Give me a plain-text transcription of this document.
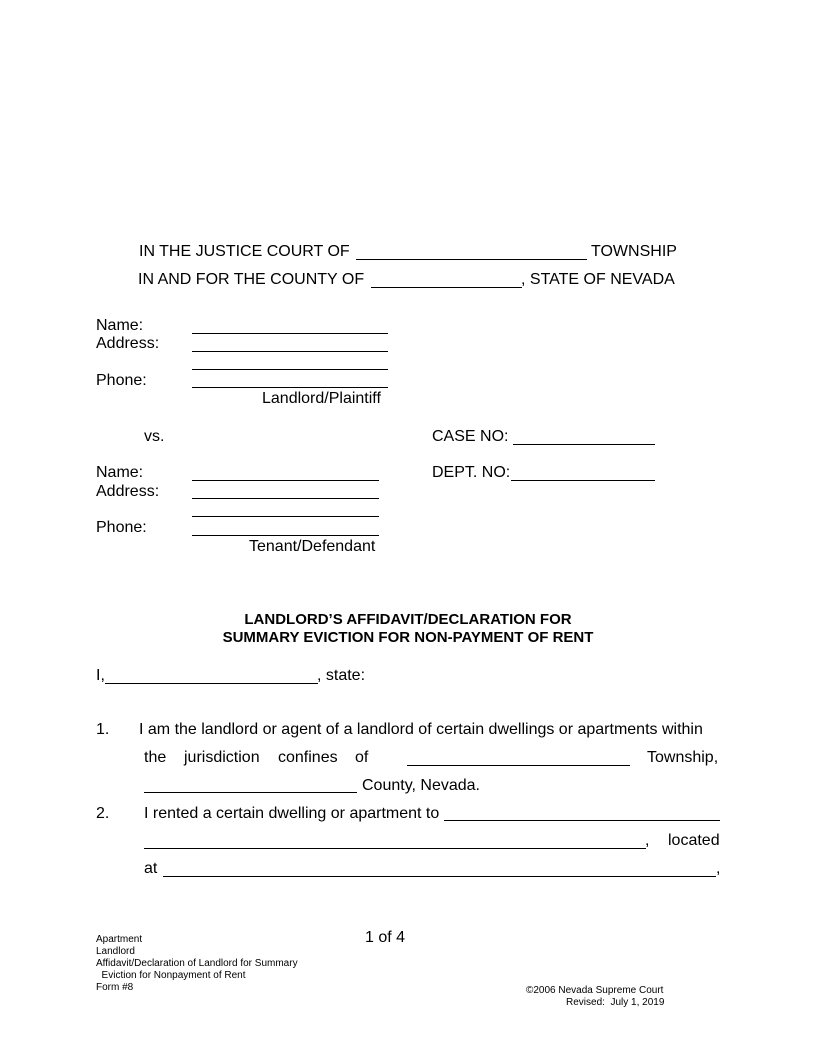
IN THE JUSTICE COURT OF	TOWNSHIP
IN AND FOR THE COUNTY OF	, STATE OF NEVADA
Name:
Address:
Phone:
Landlord/Plaintiff
vs.	CASE NO:
Name:	DEPT. NO:
Address:
Phone:
Tenant/Defendant
LANDLORD’S AFFIDAVIT/DECLARATION FOR
SUMMARY EVICTION FOR NON-PAYMENT OF RENT
I,	, state:
1. I am the landlord or agent of a landlord of certain dwellings or apartments within
the jurisdiction confines of	Township,
County, Nevada.
2. I rented a certain dwelling or apartment to
, located
at	,
1 of 4
Apartment
Landlord
Affidavit/Declaration of Landlord for Summary
Eviction for Nonpayment of Rent
Form #8	©2006 Nevada Supreme Court
Revised:  July 1, 2019
